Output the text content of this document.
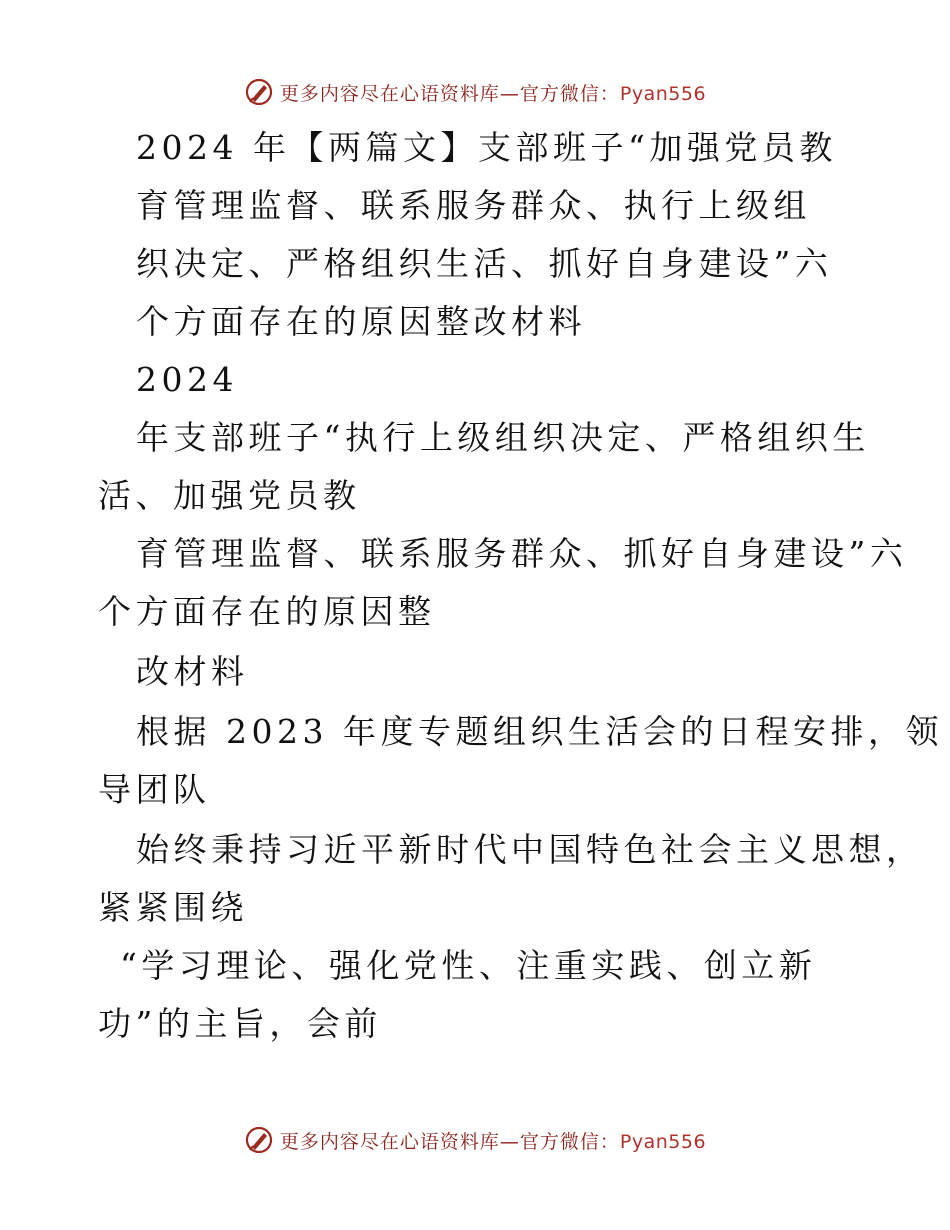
更多内容尽在心语资料库—官方微信：Pyan556
2024 年【两篇文】支部班子“加强党员教
育管理监督、联系服务群众、执行上级组
织决定、严格组织生活、抓好自身建设”六
个方面存在的原因整改材料
2024
年支部班子“执行上级组织决定、严格组织生
活、加强党员教
育管理监督、联系服务群众、抓好自身建设”六
个方面存在的原因整
改材料
根据 2023 年度专题组织生活会的日程安排，领
导团队
始终秉持习近平新时代中国特色社会主义思想，
紧紧围绕
“学习理论、强化党性、注重实践、创立新
功”的主旨，会前
更多内容尽在心语资料库—官方微信：Pyan556
